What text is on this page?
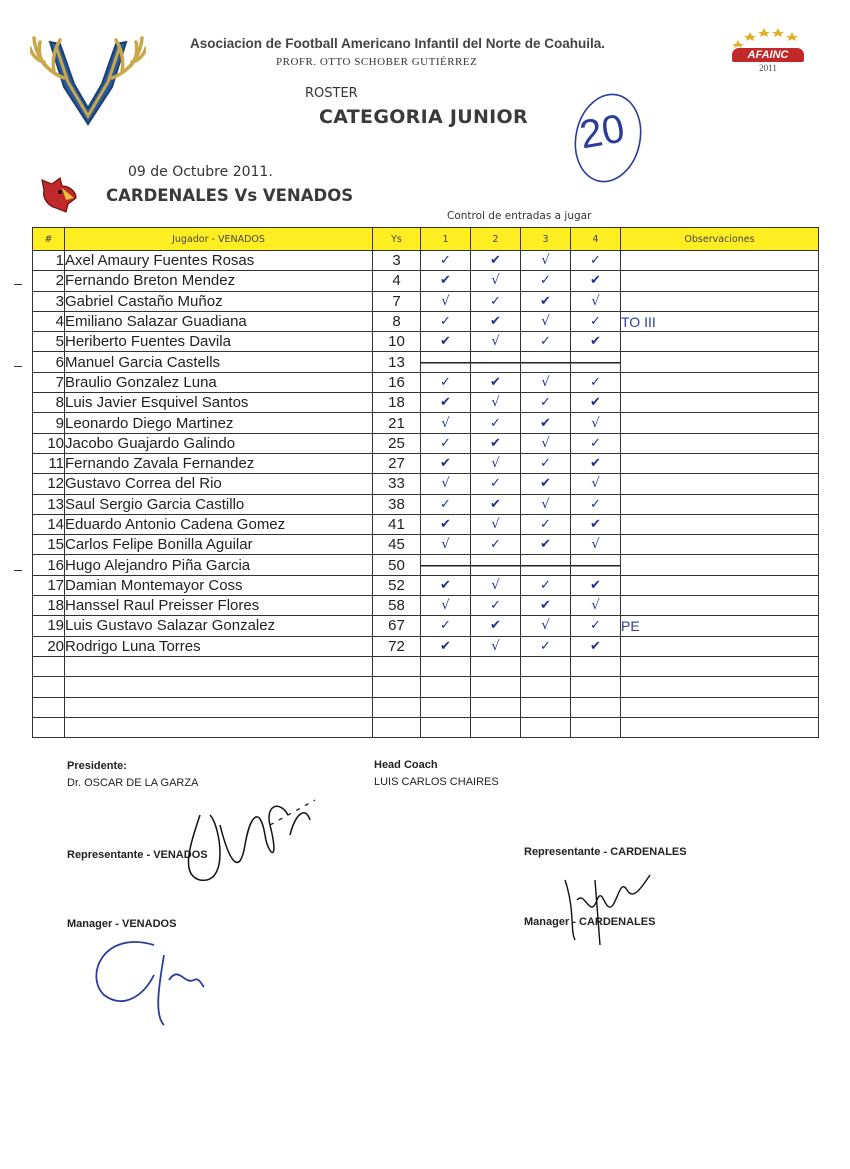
Asociacion de Football Americano Infantil del Norte de Coahuila.
PROFR. OTTO SCHOBER GUTIÉRREZ
AFAINC
2011
ROSTER
CATEGORIA JUNIOR 20
09 de Octubre 2011.
CARDENALES Vs VENADOS
Control de entradas a jugar
#	Jugador - VENADOS	Ys	1	2	3	4	Observaciones
1	Axel Amaury Fuentes Rosas	3	✓	✔	√	✓	
2	Fernando Breton Mendez	4	✔	√	✓	✔	
3	Gabriel Castaño Muñoz	7	√	✓	✔	√	
4	Emiliano Salazar Guadiana	8	✓	✔	√	✓	TO III
5	Heriberto Fuentes Davila	10	✔	√	✓	✔	
6	Manuel Garcia Castells	13					
7	Braulio Gonzalez Luna	16	✓	✔	√	✓	
8	Luis Javier Esquivel Santos	18	✔	√	✓	✔	
9	Leonardo Diego Martinez	21	√	✓	✔	√	
10	Jacobo Guajardo Galindo	25	✓	✔	√	✓	
11	Fernando Zavala Fernandez	27	✔	√	✓	✔	
12	Gustavo Correa del Rio	33	√	✓	✔	√	
13	Saul Sergio Garcia Castillo	38	✓	✔	√	✓	
14	Eduardo Antonio Cadena Gomez	41	✔	√	✓	✔	
15	Carlos Felipe Bonilla Aguilar	45	√	✓	✔	√	
16	Hugo Alejandro Piña Garcia	50					
17	Damian Montemayor Coss	52	✔	√	✓	✔	
18	Hanssel Raul Preisser Flores	58	√	✓	✔	√	
19	Luis Gustavo Salazar Gonzalez	67	✓	✔	√	✓	PE
20	Rodrigo Luna Torres	72	✔	√	✓	✔	

Presidente:
Dr. OSCAR DE LA GARZA
Head Coach
LUIS CARLOS CHAIRES
Representante - VENADOS	Representante - CARDENALES
Manager - VENADOS	Manager - CARDENALES
